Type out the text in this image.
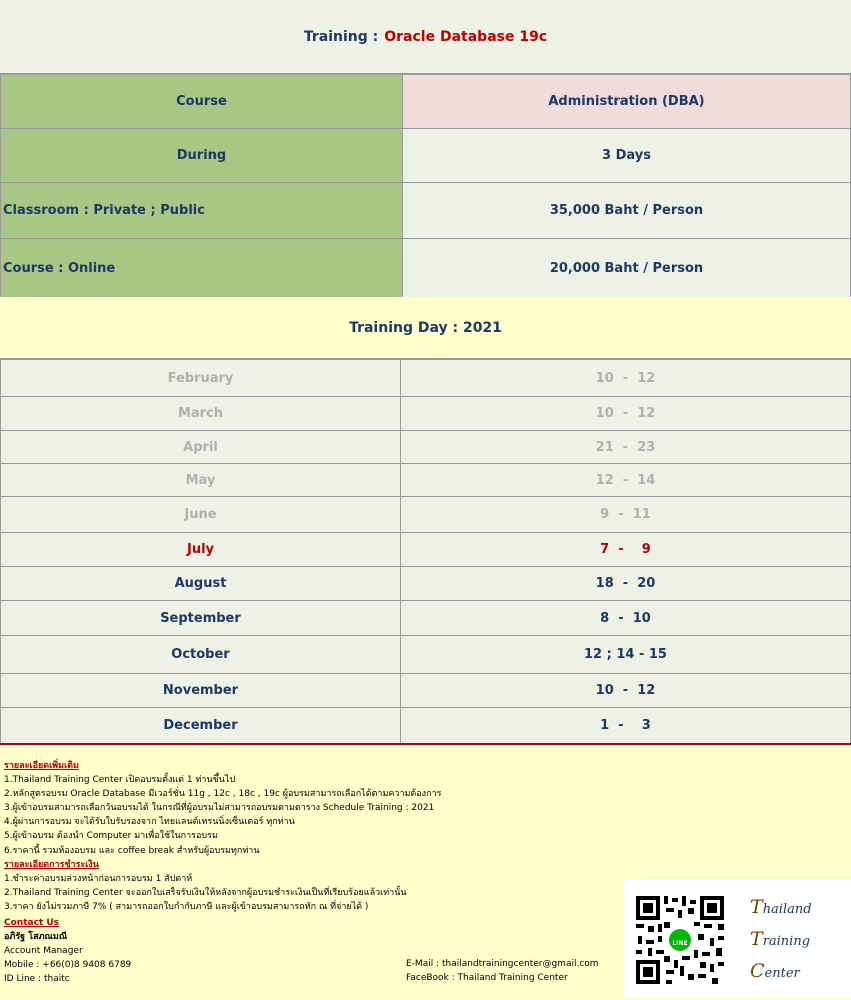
Training : Oracle Database 19c
Course	Administration (DBA)
During	3 Days
Classroom : Private ; Public	35,000 Baht / Person
Course : Online	20,000 Baht / Person
Training Day : 2021
February	10  -  12
March	10  -  12
April	21  -  23
May	12  -  14
June	9  -  11
July	7  -    9
August	18  -  20
September	8  -  10
October	12 ; 14 - 15
November	10  -  12
December	1  -    3
รายละเอียดเพิ่มเติม
1.Thailand Training Center เปิดอบรมตั้งแต่ 1 ท่านขึ้นไป
2.หลักสูตรอบรม Oracle Database มีเวอร์ชั่น 11g , 12c , 18c , 19c ผู้อบรมสามารถเลือกได้ตามความต้องการ
3.ผู้เข้าอบรมสามารถเลือกวันอบรมได้ ในกรณีที่ผู้อบรมไม่สามารถอบรมตามตาราง Schedule Training : 2021
4.ผู้ผ่านการอบรม จะได้รับใบรับรองจาก ไทยแลนด์เทรนนิ่งเซ็นเตอร์ ทุกท่าน
5.ผู้เข้าอบรม ต้องนำ Computer มาเพื่อใช้ในการอบรม
6.ราคานี้ รวมห้องอบรม และ coffee break สำหรับผู้อบรมทุกท่าน
รายละเอียดการชำระเงิน
1.ชำระค่าอบรมล่วงหน้าก่อนการอบรม 1 สัปดาห์
2.Thailand Training Center จะออกใบเสร็จรับเงินให้หลังจากผู้อบรมชำระเงินเป็นที่เรียบร้อยแล้วเท่านั้น
3.ราคา ยังไม่รวมภาษี 7% ( สามารถออกใบกำกับภาษี และผู้เข้าอบรมสามารถหัก ณ ที่จ่ายได้ )
Contact Us
อภิรัฐ โสภณมณี
Account Manager
Mobile : +66(0)8 9408 6789
ID Line : thaitc
E-Mail : thailandtrainingcenter@gmail.com
FaceBook : Thailand Training Center
LINE
Thailand
Training
Center
